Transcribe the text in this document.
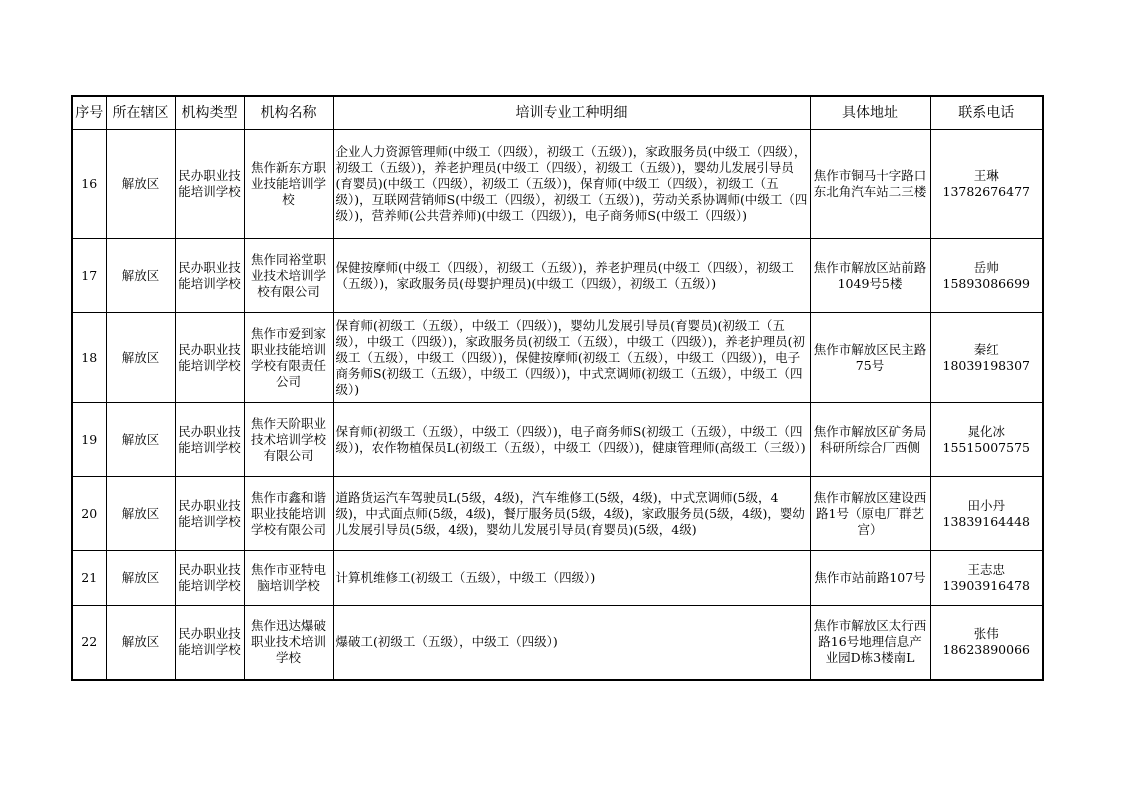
序号	所在辖区	机构类型	机构名称	培训专业工种明细	具体地址	联系电话
16	解放区	民办职业技能培训学校	焦作新东方职业技能培训学校	企业人力资源管理师(中级工（四级），初级工（五级）)，家政服务员(中级工（四级），初级工（五级）)，养老护理员(中级工（四级），初级工（五级）)，婴幼儿发展引导员(育婴员)(中级工（四级），初级工（五级）)，保育师(中级工（四级），初级工（五级）)，互联网营销师S(中级工（四级），初级工（五级）)，劳动关系协调师(中级工（四级）)，营养师(公共营养师)(中级工（四级）)，电子商务师S(中级工（四级）)	焦作市铜马十字路口东北角汽车站二三楼	王琳
13782676477

17	解放区	民办职业技能培训学校	焦作同裕堂职业技术培训学校有限公司	保健按摩师(中级工（四级），初级工（五级）)，养老护理员(中级工（四级），初级工（五级）)，家政服务员(母婴护理员)(中级工（四级），初级工（五级）)	焦作市解放区站前路1049号5楼	岳帅
15893086699

18	解放区	民办职业技能培训学校	焦作市爱到家职业技能培训学校有限责任公司	保育师(初级工（五级），中级工（四级）)，婴幼儿发展引导员(育婴员)(初级工（五级），中级工（四级）)，家政服务员(初级工（五级），中级工（四级）)，养老护理员(初级工（五级），中级工（四级）)，保健按摩师(初级工（五级），中级工（四级）)，电子商务师S(初级工（五级），中级工（四级）)，中式烹调师(初级工（五级），中级工（四级）)	焦作市解放区民主路75号	秦红
18039198307

19	解放区	民办职业技能培训学校	焦作天阶职业技术培训学校有限公司	保育师(初级工（五级），中级工（四级）)，电子商务师S(初级工（五级），中级工（四级）)，农作物植保员L(初级工（五级），中级工（四级）)，健康管理师(高级工（三级）)	焦作市解放区矿务局科研所综合厂西侧	晁化冰
15515007575

20	解放区	民办职业技能培训学校	焦作市鑫和谐职业技能培训学校有限公司	道路货运汽车驾驶员L(5级，4级)，汽车维修工(5级，4级)，中式烹调师(5级，4级)，中式面点师(5级，4级)，餐厅服务员(5级，4级)，家政服务员(5级，4级)，婴幼儿发展引导员(5级，4级)，婴幼儿发展引导员(育婴员)(5级，4级)	焦作市解放区建设西路1号（原电厂群艺宫）	田小丹
13839164448

21	解放区	民办职业技能培训学校	焦作市亚特电脑培训学校	计算机维修工(初级工（五级），中级工（四级）)	焦作市站前路107号	王志忠
13903916478

22	解放区	民办职业技能培训学校	焦作迅达爆破职业技术培训学校	爆破工(初级工（五级），中级工（四级）)	焦作市解放区太行西路16号地理信息产业园D栋3楼南L	张伟
18623890066
